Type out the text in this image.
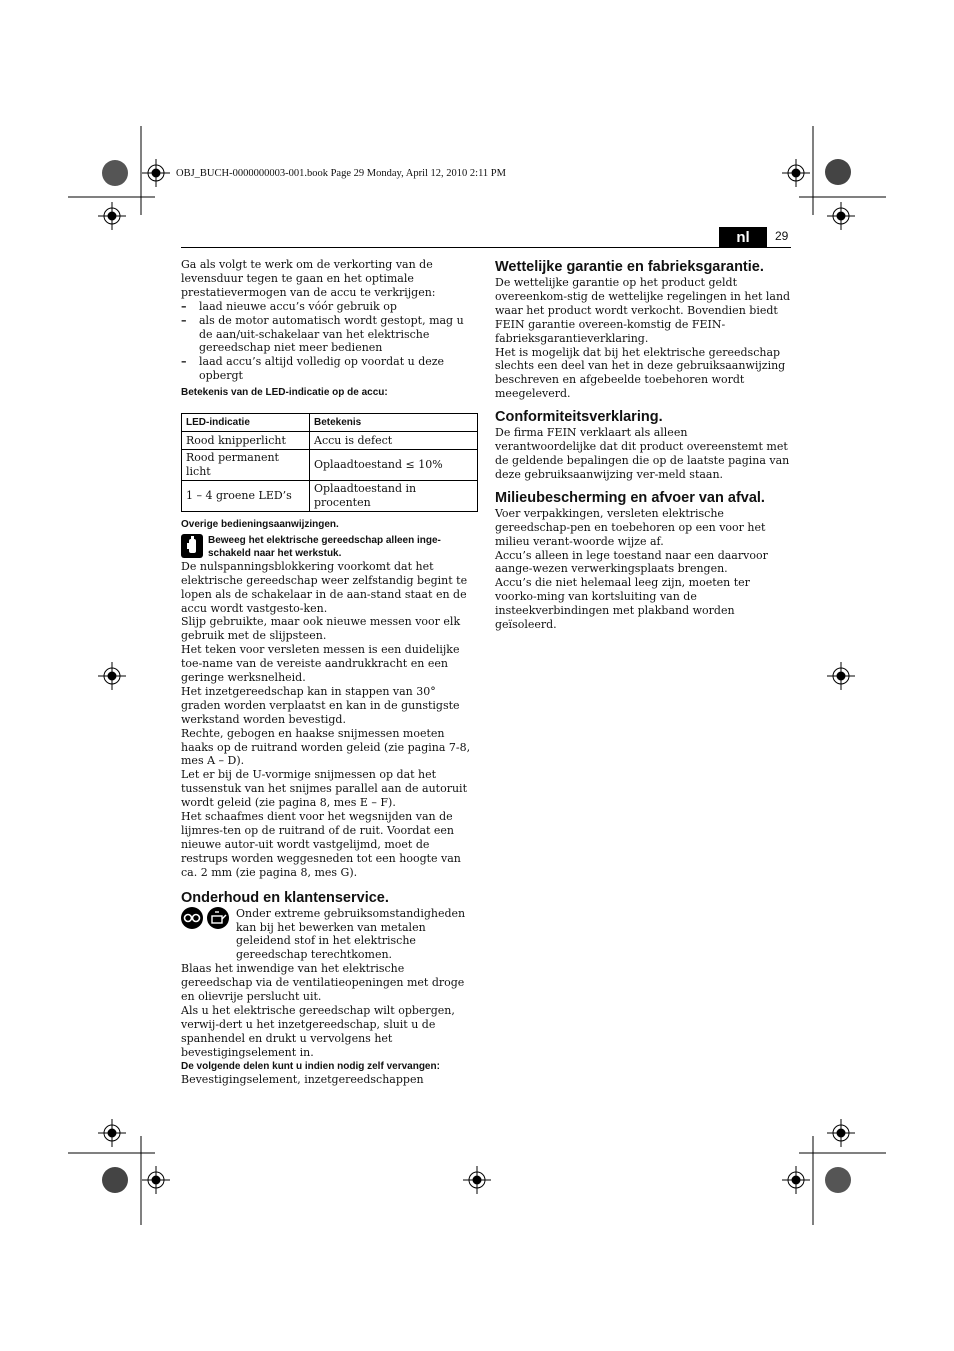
OBJ_BUCH-0000000003-001.book Page 29 Monday, April 12, 2010 2:11 PM
nl	29

Ga als volgt te werk om de verkorting van de levensduur tegen te gaan en het optimale prestatievermogen van de accu te verkrijgen:

– laad nieuwe accu’s vóór gebruik op
– als de motor automatisch wordt gestopt, mag u de aan/uit-schakelaar van het elektrische gereedschap niet meer bedienen
– laad accu’s altijd volledig op voordat u deze opbergt

Betekenis van de LED-indicatie op de accu:

LED-indicatie	Betekenis
Rood knipperlicht	Accu is defect
Rood permanent licht	Oplaadtoestand ≤ 10%
1 – 4 groene LED’s	Oplaadtoestand in procenten

Overige bedieningsaanwijzingen.

Beweeg het elektrische gereedschap alleen inge-schakeld naar het werkstuk.

De nulspanningsblokkering voorkomt dat het elektrische gereedschap weer zelfstandig begint te lopen als de schakelaar in de aan-stand staat en de accu wordt vastgesto-ken.

Slijp gebruikte, maar ook nieuwe messen voor elk gebruik met de slijpsteen.

Het teken voor versleten messen is een duidelijke toe-name van de vereiste aandrukkracht en een geringe werksnelheid.

Het inzetgereedschap kan in stappen van 30° graden worden verplaatst en kan in de gunstigste werkstand worden bevestigd.

Rechte, gebogen en haakse snijmessen moeten haaks op de ruitrand worden geleid (zie pagina 7-8, mes A – D).

Let er bij de U-vormige snijmessen op dat het tussenstuk van het snijmes parallel aan de autoruit wordt geleid (zie pagina 8, mes E – F).

Het schaafmes dient voor het wegsnijden van de lijmres-ten op de ruitrand of de ruit. Voordat een nieuwe autor-uit wordt vastgelijmd, moet de restrups worden weggesneden tot een hoogte van ca. 2 mm (zie pagina 8, mes G).

Onderhoud en klantenservice.

Onder extreme gebruiksomstandigheden kan bij het bewerken van metalen geleidend stof in het elektrische gereedschap terechtkomen.

Blaas het inwendige van het elektrische gereedschap via de ventilatieopeningen met droge en olievrije perslucht uit.

Als u het elektrische gereedschap wilt opbergen, verwij-dert u het inzetgereedschap, sluit u de spanhendel en drukt u vervolgens het bevestigingselement in.

De volgende delen kunt u indien nodig zelf vervangen:

Bevestigingselement, inzetgereedschappen

Wettelijke garantie en fabrieksgarantie.

De wettelijke garantie op het product geldt overeenkom-stig de wettelijke regelingen in het land waar het product wordt verkocht. Bovendien biedt FEIN garantie overeen-komstig de FEIN-fabrieksgarantieverklaring.

Het is mogelijk dat bij het elektrische gereedschap slechts een deel van het in deze gebruiksaanwijzing beschreven en afgebeelde toebehoren wordt meegeleverd.

Conformiteitsverklaring.

De firma FEIN verklaart als alleen verantwoordelijke dat dit product overeenstemt met de geldende bepalingen die op de laatste pagina van deze gebruiksaanwijzing ver-meld staan.

Milieubescherming en afvoer van afval.

Voer verpakkingen, versleten elektrische gereedschap-pen en toebehoren op een voor het milieu verant-woorde wijze af.

Accu’s alleen in lege toestand naar een daarvoor aange-wezen verwerkingsplaats brengen.

Accu’s die niet helemaal leeg zijn, moeten ter voorko-ming van kortsluiting van de insteekverbindingen met plakband worden geïsoleerd.
